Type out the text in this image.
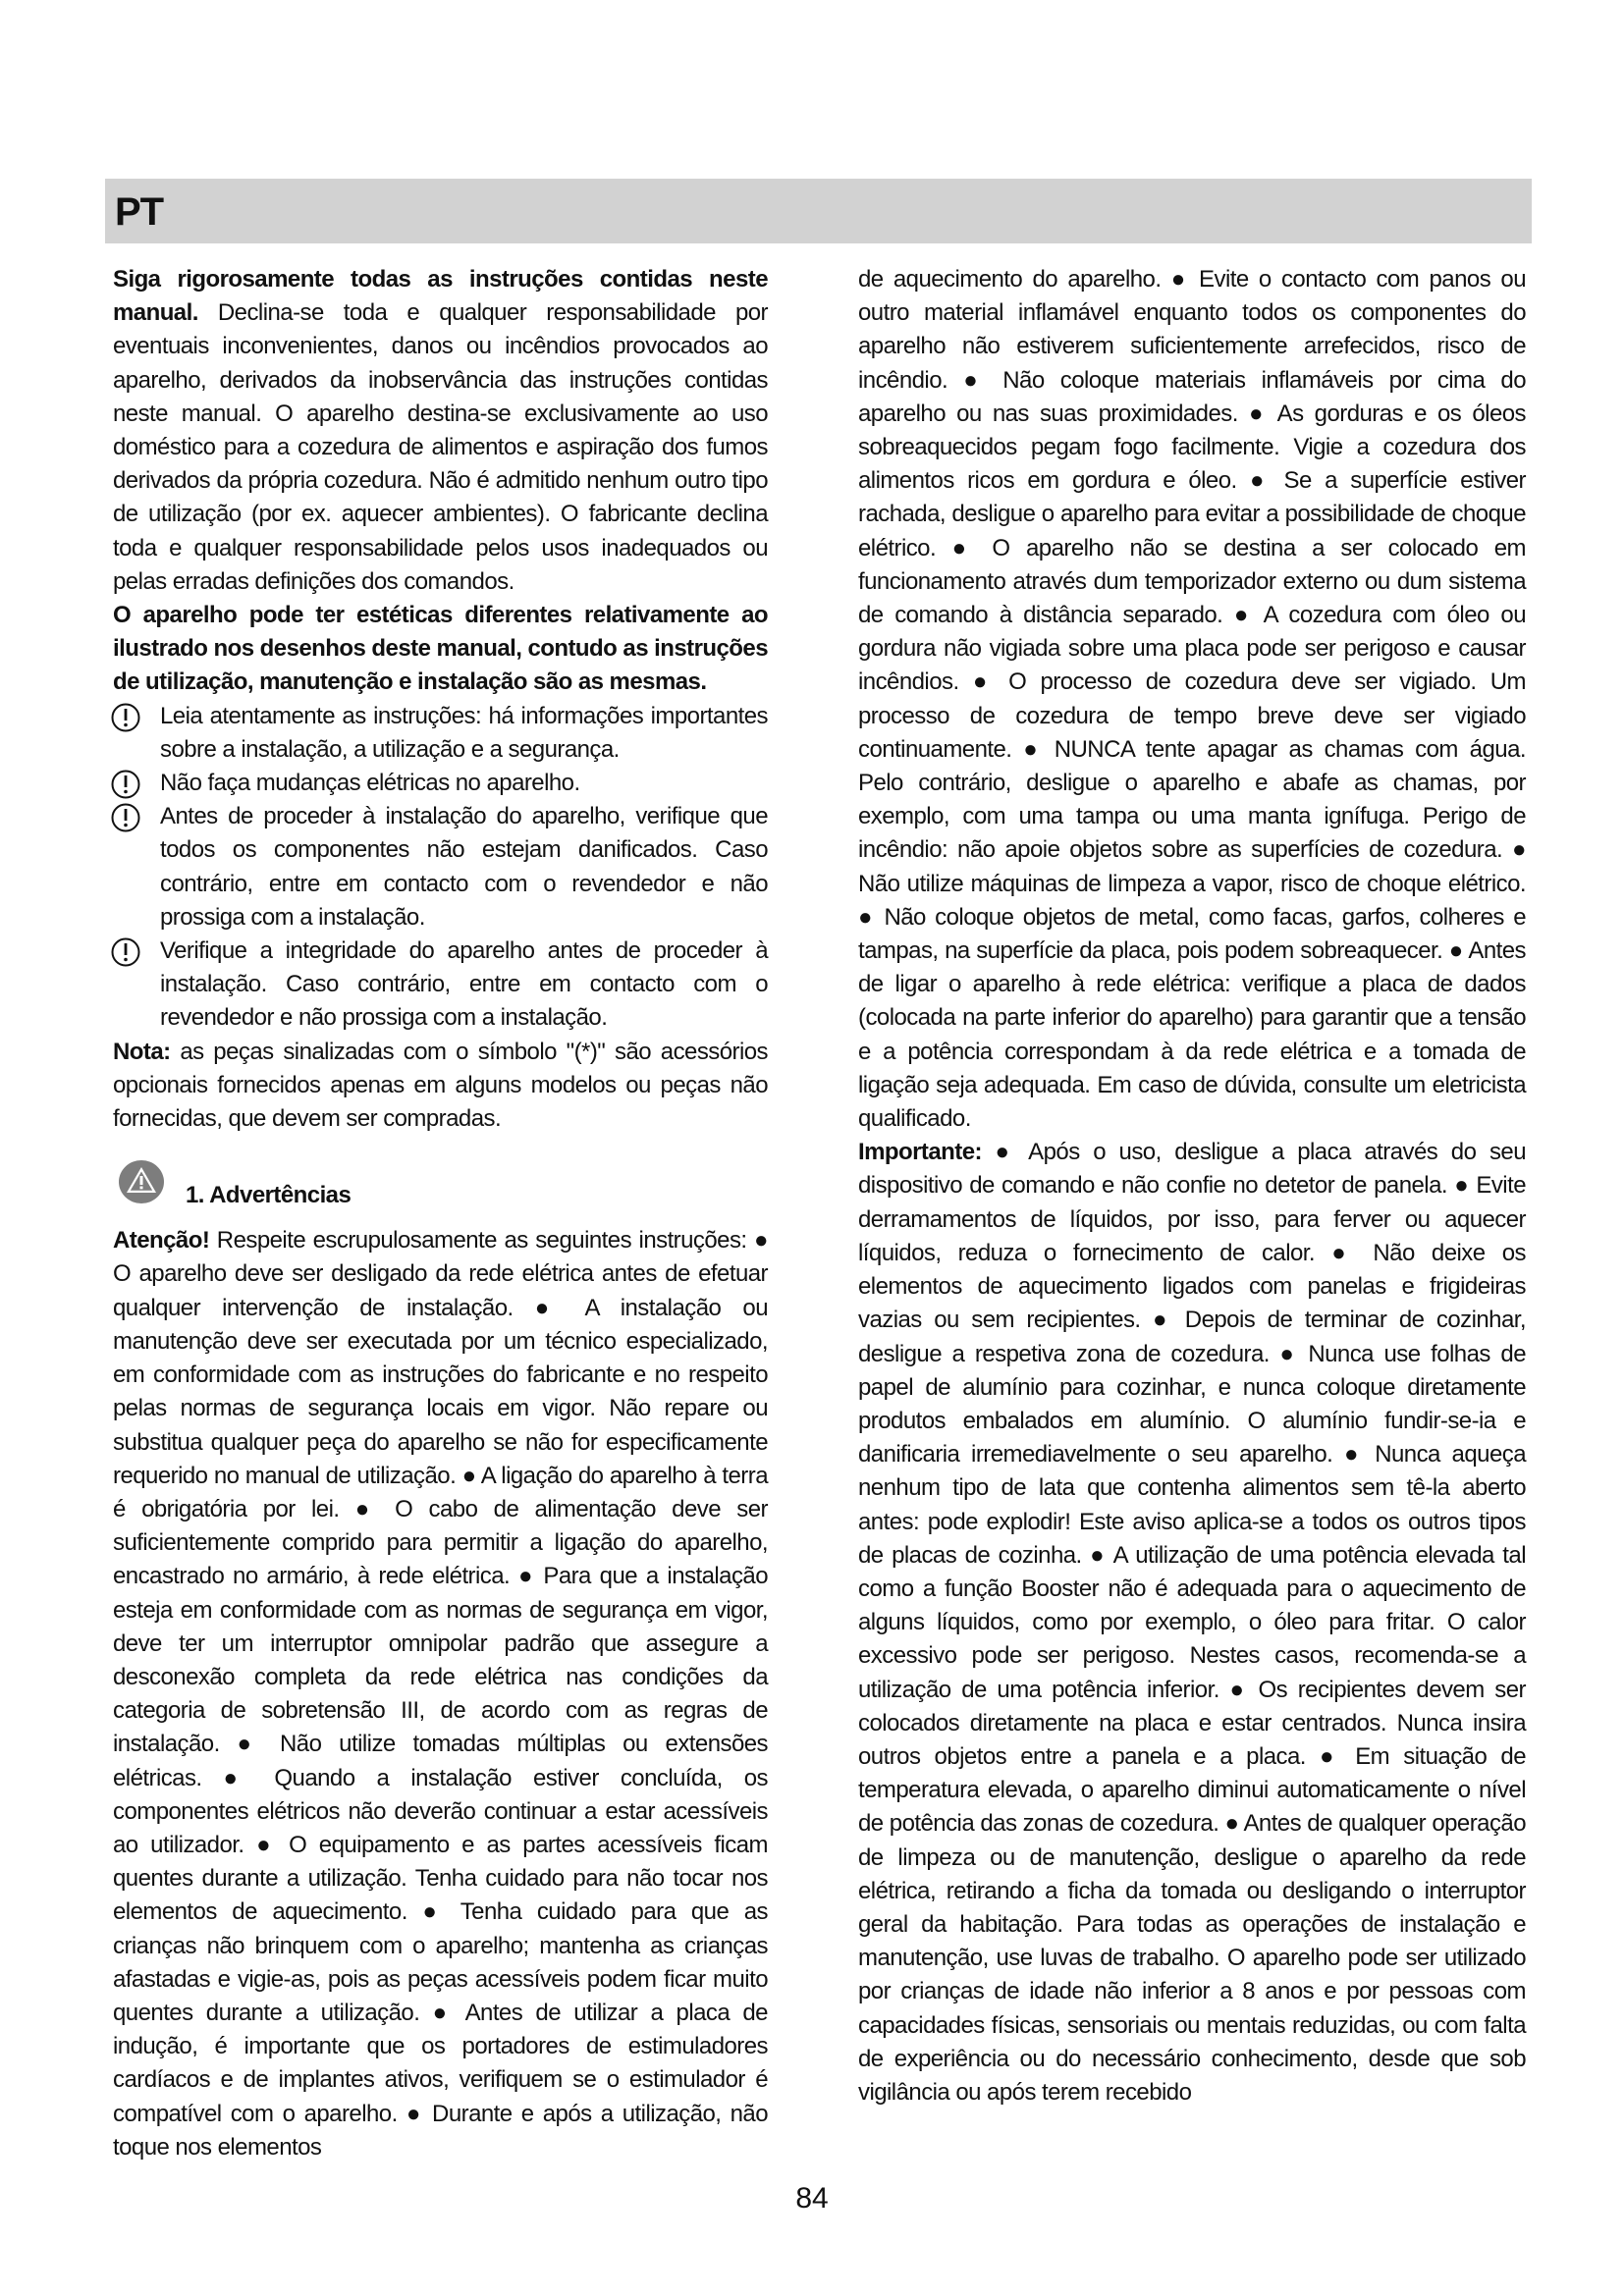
PT

Siga rigorosamente todas as instruções contidas neste manual. Declina-se toda e qualquer responsabilidade por eventuais inconvenientes, danos ou incêndios provocados ao aparelho, derivados da inobservância das instruções contidas neste manual. O aparelho destina-se exclusivamente ao uso doméstico para a cozedura de alimentos e aspiração dos fumos derivados da própria cozedura. Não é admitido nenhum outro tipo de utilização (por ex. aquecer ambientes). O fabricante declina toda e qualquer responsabilidade pelos usos inadequados ou pelas erradas definições dos comandos.

O aparelho pode ter estéticas diferentes relativamente ao ilustrado nos desenhos deste manual, contudo as instruções de utilização, manutenção e instalação são as mesmas.

Leia atentamente as instruções: há informações importantes sobre a instalação, a utilização e a segurança.

Não faça mudanças elétricas no aparelho.

Antes de proceder à instalação do aparelho, verifique que todos os componentes não estejam danificados. Caso contrário, entre em contacto com o revendedor e não prossiga com a instalação.

Verifique a integridade do aparelho antes de proceder à instalação. Caso contrário, entre em contacto com o revendedor e não prossiga com a instalação.

Nota: as peças sinalizadas com o símbolo "(*)" são acessórios opcionais fornecidos apenas em alguns modelos ou peças não fornecidas, que devem ser compradas.

1. Advertências

Atenção! Respeite escrupulosamente as seguintes instruções: ● O aparelho deve ser desligado da rede elétrica antes de efetuar qualquer intervenção de instalação. ● A instalação ou manutenção deve ser executada por um técnico especializado, em conformidade com as instruções do fabricante e no respeito pelas normas de segurança locais em vigor. Não repare ou substitua qualquer peça do aparelho se não for especificamente requerido no manual de utilização. ● A ligação do aparelho à terra é obrigatória por lei. ● O cabo de alimentação deve ser suficientemente comprido para permitir a ligação do aparelho, encastrado no armário, à rede elétrica. ● Para que a instalação esteja em conformidade com as normas de segurança em vigor, deve ter um interruptor omnipolar padrão que assegure a desconexão completa da rede elétrica nas condições da categoria de sobretensão III, de acordo com as regras de instalação. ● Não utilize tomadas múltiplas ou extensões elétricas. ● Quando a instalação estiver concluída, os componentes elétricos não deverão continuar a estar acessíveis ao utilizador. ● O equipamento e as partes acessíveis ficam quentes durante a utilização. Tenha cuidado para não tocar nos elementos de aquecimento. ● Tenha cuidado para que as crianças não brinquem com o aparelho; mantenha as crianças afastadas e vigie-as, pois as peças acessíveis podem ficar muito quentes durante a utilização. ● Antes de utilizar a placa de indução, é importante que os portadores de estimuladores cardíacos e de implantes ativos, verifiquem se o estimulador é compatível com o aparelho. ● Durante e após a utilização, não toque nos elementos

de aquecimento do aparelho. ● Evite o contacto com panos ou outro material inflamável enquanto todos os componentes do aparelho não estiverem suficientemente arrefecidos, risco de incêndio. ● Não coloque materiais inflamáveis por cima do aparelho ou nas suas proximidades. ● As gorduras e os óleos sobreaquecidos pegam fogo facilmente. Vigie a cozedura dos alimentos ricos em gordura e óleo. ● Se a superfície estiver rachada, desligue o aparelho para evitar a possibilidade de choque elétrico. ● O aparelho não se destina a ser colocado em funcionamento através dum temporizador externo ou dum sistema de comando à distância separado. ● A cozedura com óleo ou gordura não vigiada sobre uma placa pode ser perigoso e causar incêndios. ● O processo de cozedura deve ser vigiado. Um processo de cozedura de tempo breve deve ser vigiado continuamente. ● NUNCA tente apagar as chamas com água. Pelo contrário, desligue o aparelho e abafe as chamas, por exemplo, com uma tampa ou uma manta ignífuga. Perigo de incêndio: não apoie objetos sobre as superfícies de cozedura. ● Não utilize máquinas de limpeza a vapor, risco de choque elétrico. ● Não coloque objetos de metal, como facas, garfos, colheres e tampas, na superfície da placa, pois podem sobreaquecer. ● Antes de ligar o aparelho à rede elétrica: verifique a placa de dados (colocada na parte inferior do aparelho) para garantir que a tensão e a potência correspondam à da rede elétrica e a tomada de ligação seja adequada. Em caso de dúvida, consulte um eletricista qualificado.

Importante: ● Após o uso, desligue a placa através do seu dispositivo de comando e não confie no detetor de panela. ● Evite derramamentos de líquidos, por isso, para ferver ou aquecer líquidos, reduza o fornecimento de calor. ● Não deixe os elementos de aquecimento ligados com panelas e frigideiras vazias ou sem recipientes. ● Depois de terminar de cozinhar, desligue a respetiva zona de cozedura. ● Nunca use folhas de papel de alumínio para cozinhar, e nunca coloque diretamente produtos embalados em alumínio. O alumínio fundir-se-ia e danificaria irremediavelmente o seu aparelho. ● Nunca aqueça nenhum tipo de lata que contenha alimentos sem tê-la aberto antes: pode explodir! Este aviso aplica-se a todos os outros tipos de placas de cozinha. ● A utilização de uma potência elevada tal como a função Booster não é adequada para o aquecimento de alguns líquidos, como por exemplo, o óleo para fritar. O calor excessivo pode ser perigoso. Nestes casos, recomenda-se a utilização de uma potência inferior. ● Os recipientes devem ser colocados diretamente na placa e estar centrados. Nunca insira outros objetos entre a panela e a placa. ● Em situação de temperatura elevada, o aparelho diminui automaticamente o nível de potência das zonas de cozedura. ● Antes de qualquer operação de limpeza ou de manutenção, desligue o aparelho da rede elétrica, retirando a ficha da tomada ou desligando o interruptor geral da habitação. Para todas as operações de instalação e manutenção, use luvas de trabalho. O aparelho pode ser utilizado por crianças de idade não inferior a 8 anos e por pessoas com capacidades físicas, sensoriais ou mentais reduzidas, ou com falta de experiência ou do necessário conhecimento, desde que sob vigilância ou após terem recebido

84
